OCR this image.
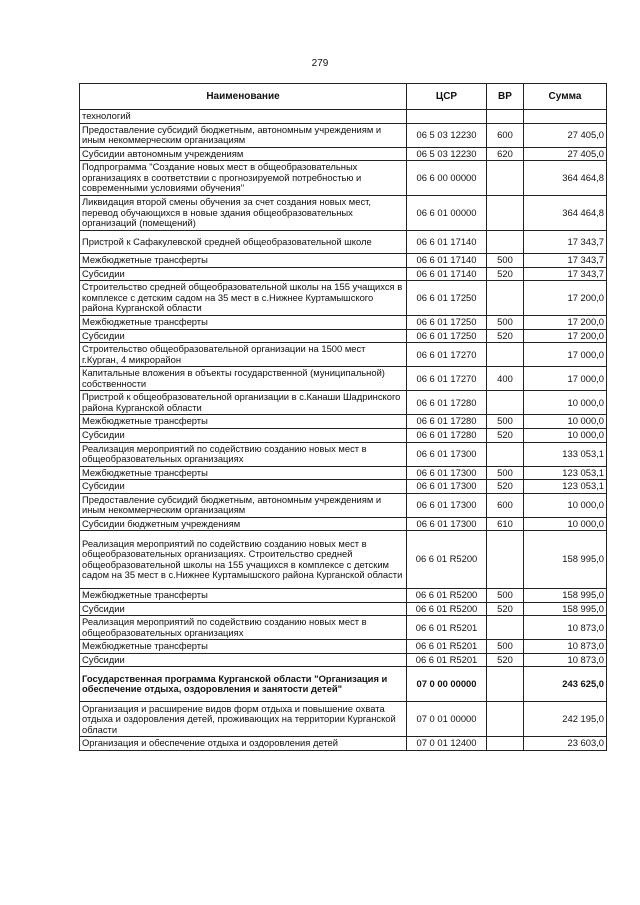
279
Наименование	ЦСР	ВР	Сумма
технологий			
Предоставление субсидий бюджетным, автономным учреждениям и иным некоммерческим организациям	06 5 03 12230	600	27 405,0
Субсидии автономным учреждениям	06 5 03 12230	620	27 405,0
Подпрограмма "Создание новых мест в общеобразовательных организациях в соответствии с прогнозируемой потребностью и современными условиями обучения"	06 6 00 00000		364 464,8
Ликвидация второй смены обучения за счет создания новых мест, перевод обучающихся в новые здания общеобразовательных организаций (помещений)	06 6 01 00000		364 464,8
Пристрой к Сафакулевской средней общеобразовательной школе	06 6 01 17140		17 343,7
Межбюджетные трансферты	06 6 01 17140	500	17 343,7
Субсидии	06 6 01 17140	520	17 343,7
Строительство средней общеобразовательной школы на 155 учащихся в комплексе с детским садом на 35 мест в с.Нижнее Куртамышского района Курганской области	06 6 01 17250		17 200,0
Межбюджетные трансферты	06 6 01 17250	500	17 200,0
Субсидии	06 6 01 17250	520	17 200,0
Строительство общеобразовательной организации на 1500 мест г.Курган, 4 микрорайон	06 6 01 17270		17 000,0
Капитальные вложения в объекты государственной (муниципальной) собственности	06 6 01 17270	400	17 000,0
Пристрой к общеобразовательной организации в с.Канаши Шадринского района Курганской области	06 6 01 17280		10 000,0
Межбюджетные трансферты	06 6 01 17280	500	10 000,0
Субсидии	06 6 01 17280	520	10 000,0
Реализация мероприятий по содействию созданию новых мест в общеобразовательных организациях	06 6 01 17300		133 053,1
Межбюджетные трансферты	06 6 01 17300	500	123 053,1
Субсидии	06 6 01 17300	520	123 053,1
Предоставление субсидий бюджетным, автономным учреждениям и иным некоммерческим организациям	06 6 01 17300	600	10 000,0
Субсидии бюджетным учреждениям	06 6 01 17300	610	10 000,0
Реализация мероприятий по содействию созданию новых мест в общеобразовательных организациях. Строительство средней общеобразовательной школы на 155 учащихся в комплексе с детским садом на 35 мест в с.Нижнее Куртамышского района Курганской области	06 6 01 R5200		158 995,0
Межбюджетные трансферты	06 6 01 R5200	500	158 995,0
Субсидии	06 6 01 R5200	520	158 995,0
Реализация мероприятий по содействию созданию новых мест в общеобразовательных организациях	06 6 01 R5201		10 873,0
Межбюджетные трансферты	06 6 01 R5201	500	10 873,0
Субсидии	06 6 01 R5201	520	10 873,0
Государственная программа Курганской области "Организация и обеспечение отдыха, оздоровления и занятости детей"	07 0 00 00000		243 625,0
Организация и расширение видов форм отдыха и повышение охвата отдыха и оздоровления детей, проживающих на территории Курганской области	07 0 01 00000		242 195,0
Организация и обеспечение отдыха и оздоровления детей	07 0 01 12400		23 603,0
